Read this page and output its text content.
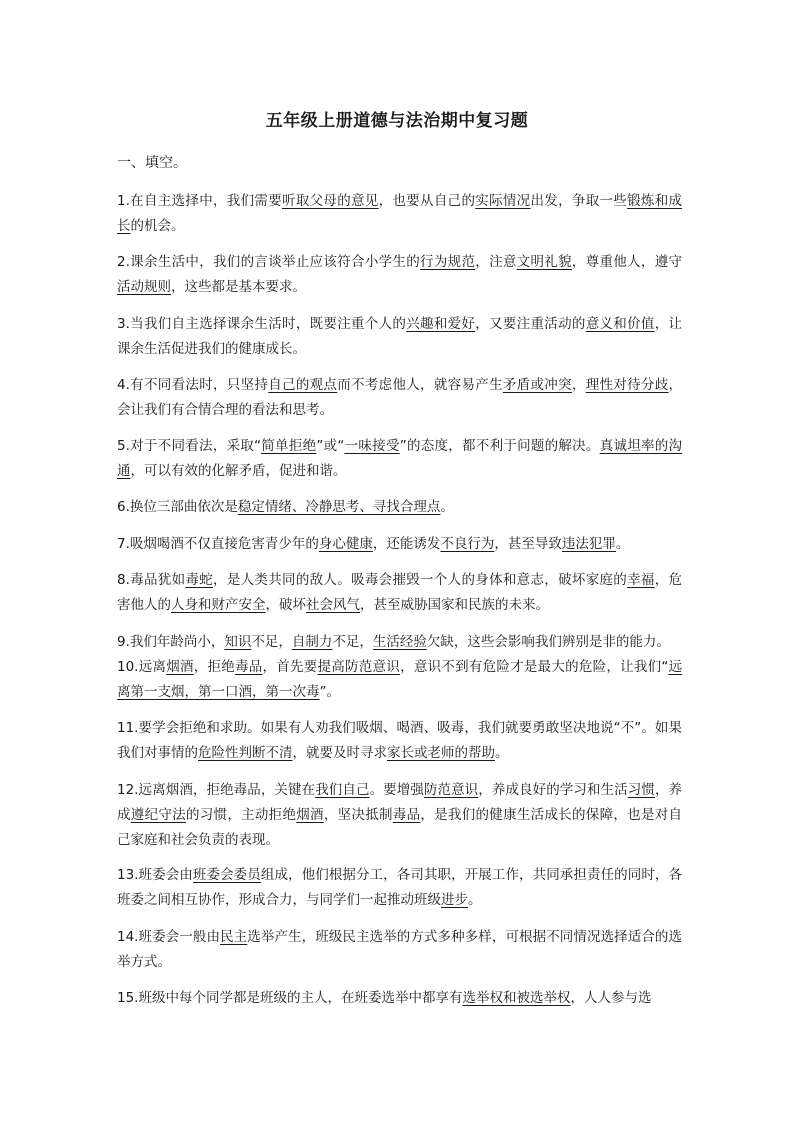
五年级上册道德与法治期中复习题
一、填空。
1.在自主选择中，我们需要听取父母的意见，也要从自己的实际情况出发，争取一些锻炼和成长的机会。
2.课余生活中，我们的言谈举止应该符合小学生的行为规范，注意文明礼貌，尊重他人，遵守活动规则，这些都是基本要求。
3.当我们自主选择课余生活时，既要注重个人的兴趣和爱好，又要注重活动的意义和价值，让课余生活促进我们的健康成长。
4.有不同看法时，只坚持自己的观点而不考虑他人，就容易产生矛盾或冲突，理性对待分歧，会让我们有合情合理的看法和思考。
5.对于不同看法，采取“简单拒绝”或“一味接受”的态度，都不利于问题的解决。真诚坦率的沟通，可以有效的化解矛盾，促进和谐。
6.换位三部曲依次是稳定情绪、冷静思考、寻找合理点。
7.吸烟喝酒不仅直接危害青少年的身心健康，还能诱发不良行为，甚至导致违法犯罪。
8.毒品犹如毒蛇，是人类共同的敌人。吸毒会摧毁一个人的身体和意志，破坏家庭的幸福，危害他人的人身和财产安全，破坏社会风气，甚至威胁国家和民族的未来。
9.我们年龄尚小，知识不足，自制力不足，生活经验欠缺，这些会影响我们辨别是非的能力。
10.远离烟酒，拒绝毒品，首先要提高防范意识，意识不到有危险才是最大的危险，让我们“远离第一支烟，第一口酒，第一次毒”。
11.要学会拒绝和求助。如果有人劝我们吸烟、喝酒、吸毒，我们就要勇敢坚决地说“不”。如果我们对事情的危险性判断不清，就要及时寻求家长或老师的帮助。
12.远离烟酒，拒绝毒品，关键在我们自己。要增强防范意识，养成良好的学习和生活习惯，养成遵纪守法的习惯，主动拒绝烟酒，坚决抵制毒品，是我们的健康生活成长的保障，也是对自己家庭和社会负责的表现。
13.班委会由班委会委员组成，他们根据分工，各司其职，开展工作，共同承担责任的同时，各班委之间相互协作，形成合力，与同学们一起推动班级进步。
14.班委会一般由民主选举产生，班级民主选举的方式多种多样，可根据不同情况选择适合的选举方式。
15.班级中每个同学都是班级的主人，在班委选举中都享有选举权和被选举权，人人参与选
